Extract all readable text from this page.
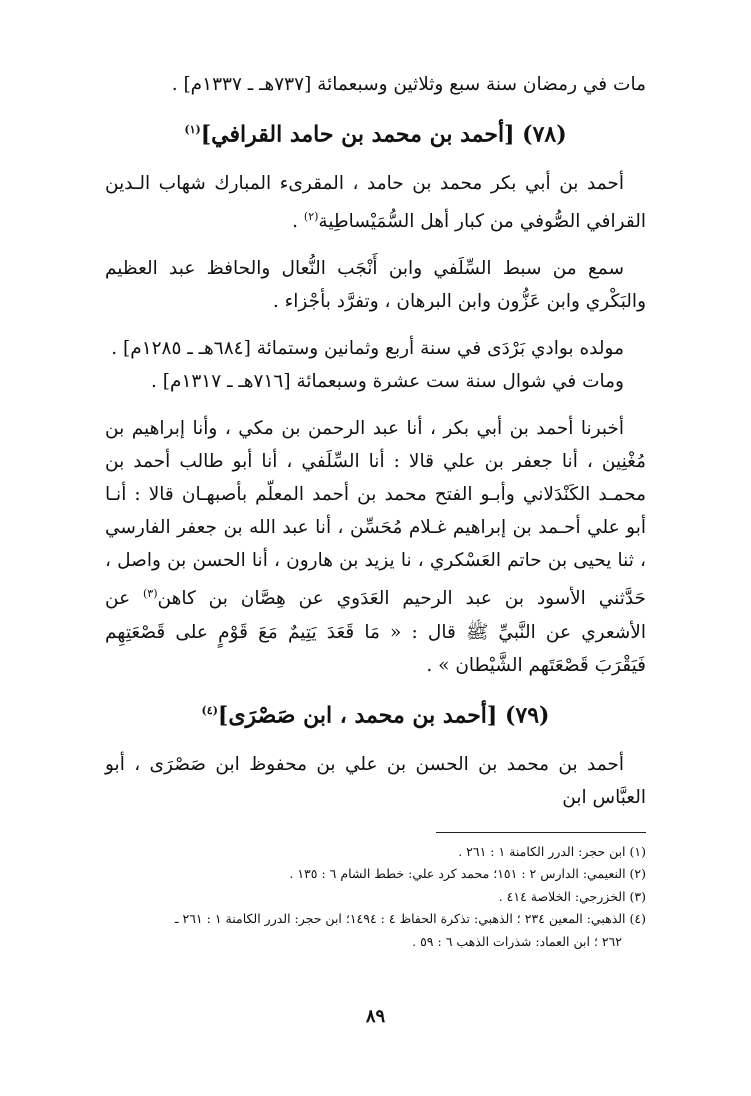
مات في رمضان سنة سبع وثلاثين وسبعمائة [٧٣٧هـ ـ ١٣٣٧م] .

(٧٨) [أحمد بن محمد بن حامد القرافي]$^{(١)}$

أحمد بن أبي بكر محمد بن حامد ، المقرىء المبارك شهاب الـدين القرافي الصُّوفي من كبار أهل السُّمَيْساطِية$^{(٢)}$ .

سمع من سبط السِّلَفي وابن أَنْجَب النُّعال والحافظ عبد العظيم والبَكْري وابن عَزُّون وابن البرهان ، وتفرَّد بأجْزاء .

مولده بوادي بَرْدَى في سنة أربع وثمانين وستمائة [٦٨٤هـ ـ ١٢٨٥م] .

ومات في شوال سنة ست عشرة وسبعمائة [٧١٦هـ ـ ١٣١٧م] .

أخبرنا أحمد بن أبي بكر ، أنا عبد الرحمن بن مكي ، وأنا إبراهيم بن مُغْنِين ، أنا جعفر بن علي قالا : أنا السِّلَفي ، أنا أبو طالب أحمد بن محمـد الكَنْدَلاني وأبـو الفتح محمد بن أحمد المعلّم بأصبهـان قالا : أنـا أبو علي أحـمد بن إبراهيم غـلام مُحَسِّن ، أنا عبد الله بن جعفر الفارسي ، ثنا يحيى بن حاتم العَسْكري ، نا يزيد بن هارون ، أنا الحسن بن واصل ، حَدَّثني الأسود بن عبد الرحيم العَدَوي عن هِصَّان بن كاهن$^{(٣)}$ عن الأشعري عن النَّبيِّ ﷺ قال : « مَا قَعَدَ يَتِيمٌ مَعَ قَوْمٍ على قَصْعَتِهِم فَيَقْرَبَ قَصْعَتَهم الشَّيْطان » .

(٧٩) [أحمد بن محمد ، ابن صَصْرَى]$^{(٤)}$

أحمد بن محمد بن الحسن بن علي بن محفوظ ابن صَصْرَى ، أبو العبَّاس ابن

(١) ابن حجر: الدرر الكامنة ١ : ٢٦١ .

(٢) النعيمي: الدارس ٢ : ١٥١؛ محمد كرد علي: خطط الشام ٦ : ١٣٥ .

(٣) الخزرجي: الخلاصة ٤١٤ .

(٤) الذهبي: المعين ٢٣٤ ؛ الذهبي: تذكرة الحفاظ ٤ : ١٤٩٤؛ ابن حجر: الدرر الكامنة ١ : ٢٦١ ـ

٢٦٢ ؛ ابن العماد: شذرات الذهب ٦ : ٥٩ .

٨٩
